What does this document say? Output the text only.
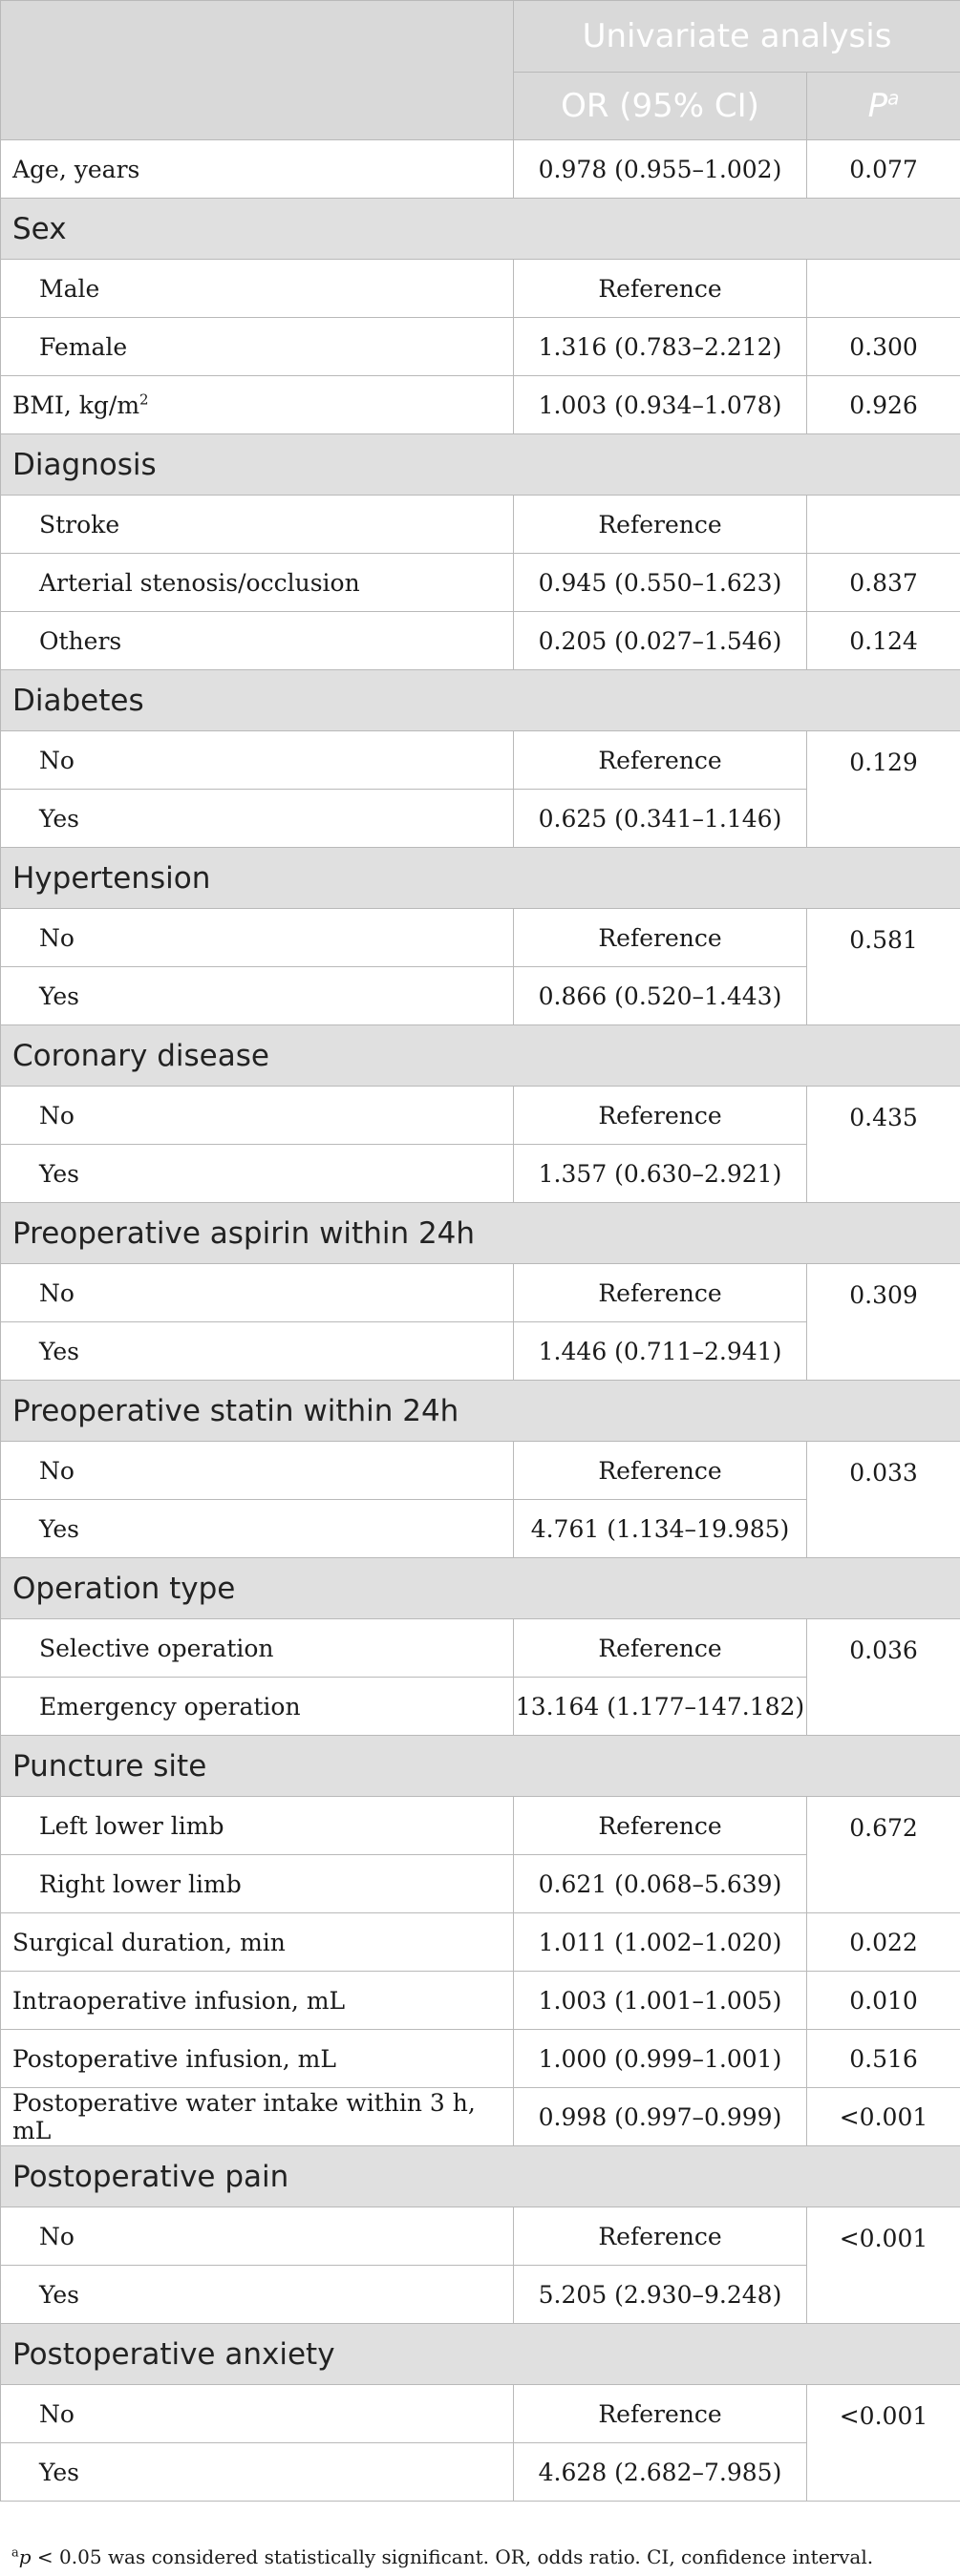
	Univariate analysis	
	OR (95% CI)	$P^a$
Age, years	0.978 (0.955–1.002)	0.077
Sex		
Male	Reference	
Female	1.316 (0.783–2.212)	0.300
BMI, $kg/m^2$	1.003 (0.934–1.078)	0.926
Diagnosis		
Stroke	Reference	
Arterial stenosis/occlusion	0.945 (0.550–1.623)	0.837
Others	0.205 (0.027–1.546)	0.124
Diabetes		
No	Reference	0.129
Yes	0.625 (0.341–1.146)	
Hypertension		
No	Reference	0.581
Yes	0.866 (0.520–1.443)	
Coronary disease		
No	Reference	0.435
Yes	1.357 (0.630–2.921)	
Preoperative aspirin within 24h		
No	Reference	0.309
Yes	1.446 (0.711–2.941)	
Preoperative statin within 24h		
No	Reference	0.033
Yes	4.761 (1.134–19.985)	
Operation type		
Selective operation	Reference	0.036
Emergency operation	13.164 (1.177–147.182)	
Puncture site		
Left lower limb	Reference	0.672
Right lower limb	0.621 (0.068–5.639)	
Surgical duration, min	1.011 (1.002–1.020)	0.022
Intraoperative infusion, mL	1.003 (1.001–1.005)	0.010
Postoperative infusion, mL	1.000 (0.999–1.001)	0.516
Postoperative water intake within 3 h, mL	0.998 (0.997–0.999)	<0.001
Postoperative pain		
No	Reference	<0.001
Yes	5.205 (2.930–9.248)	
Postoperative anxiety		
No	Reference	<0.001
Yes	4.628 (2.682–7.985)	
$^a$p < 0.05 was considered statistically significant. OR, odds ratio. CI, confidence interval.
